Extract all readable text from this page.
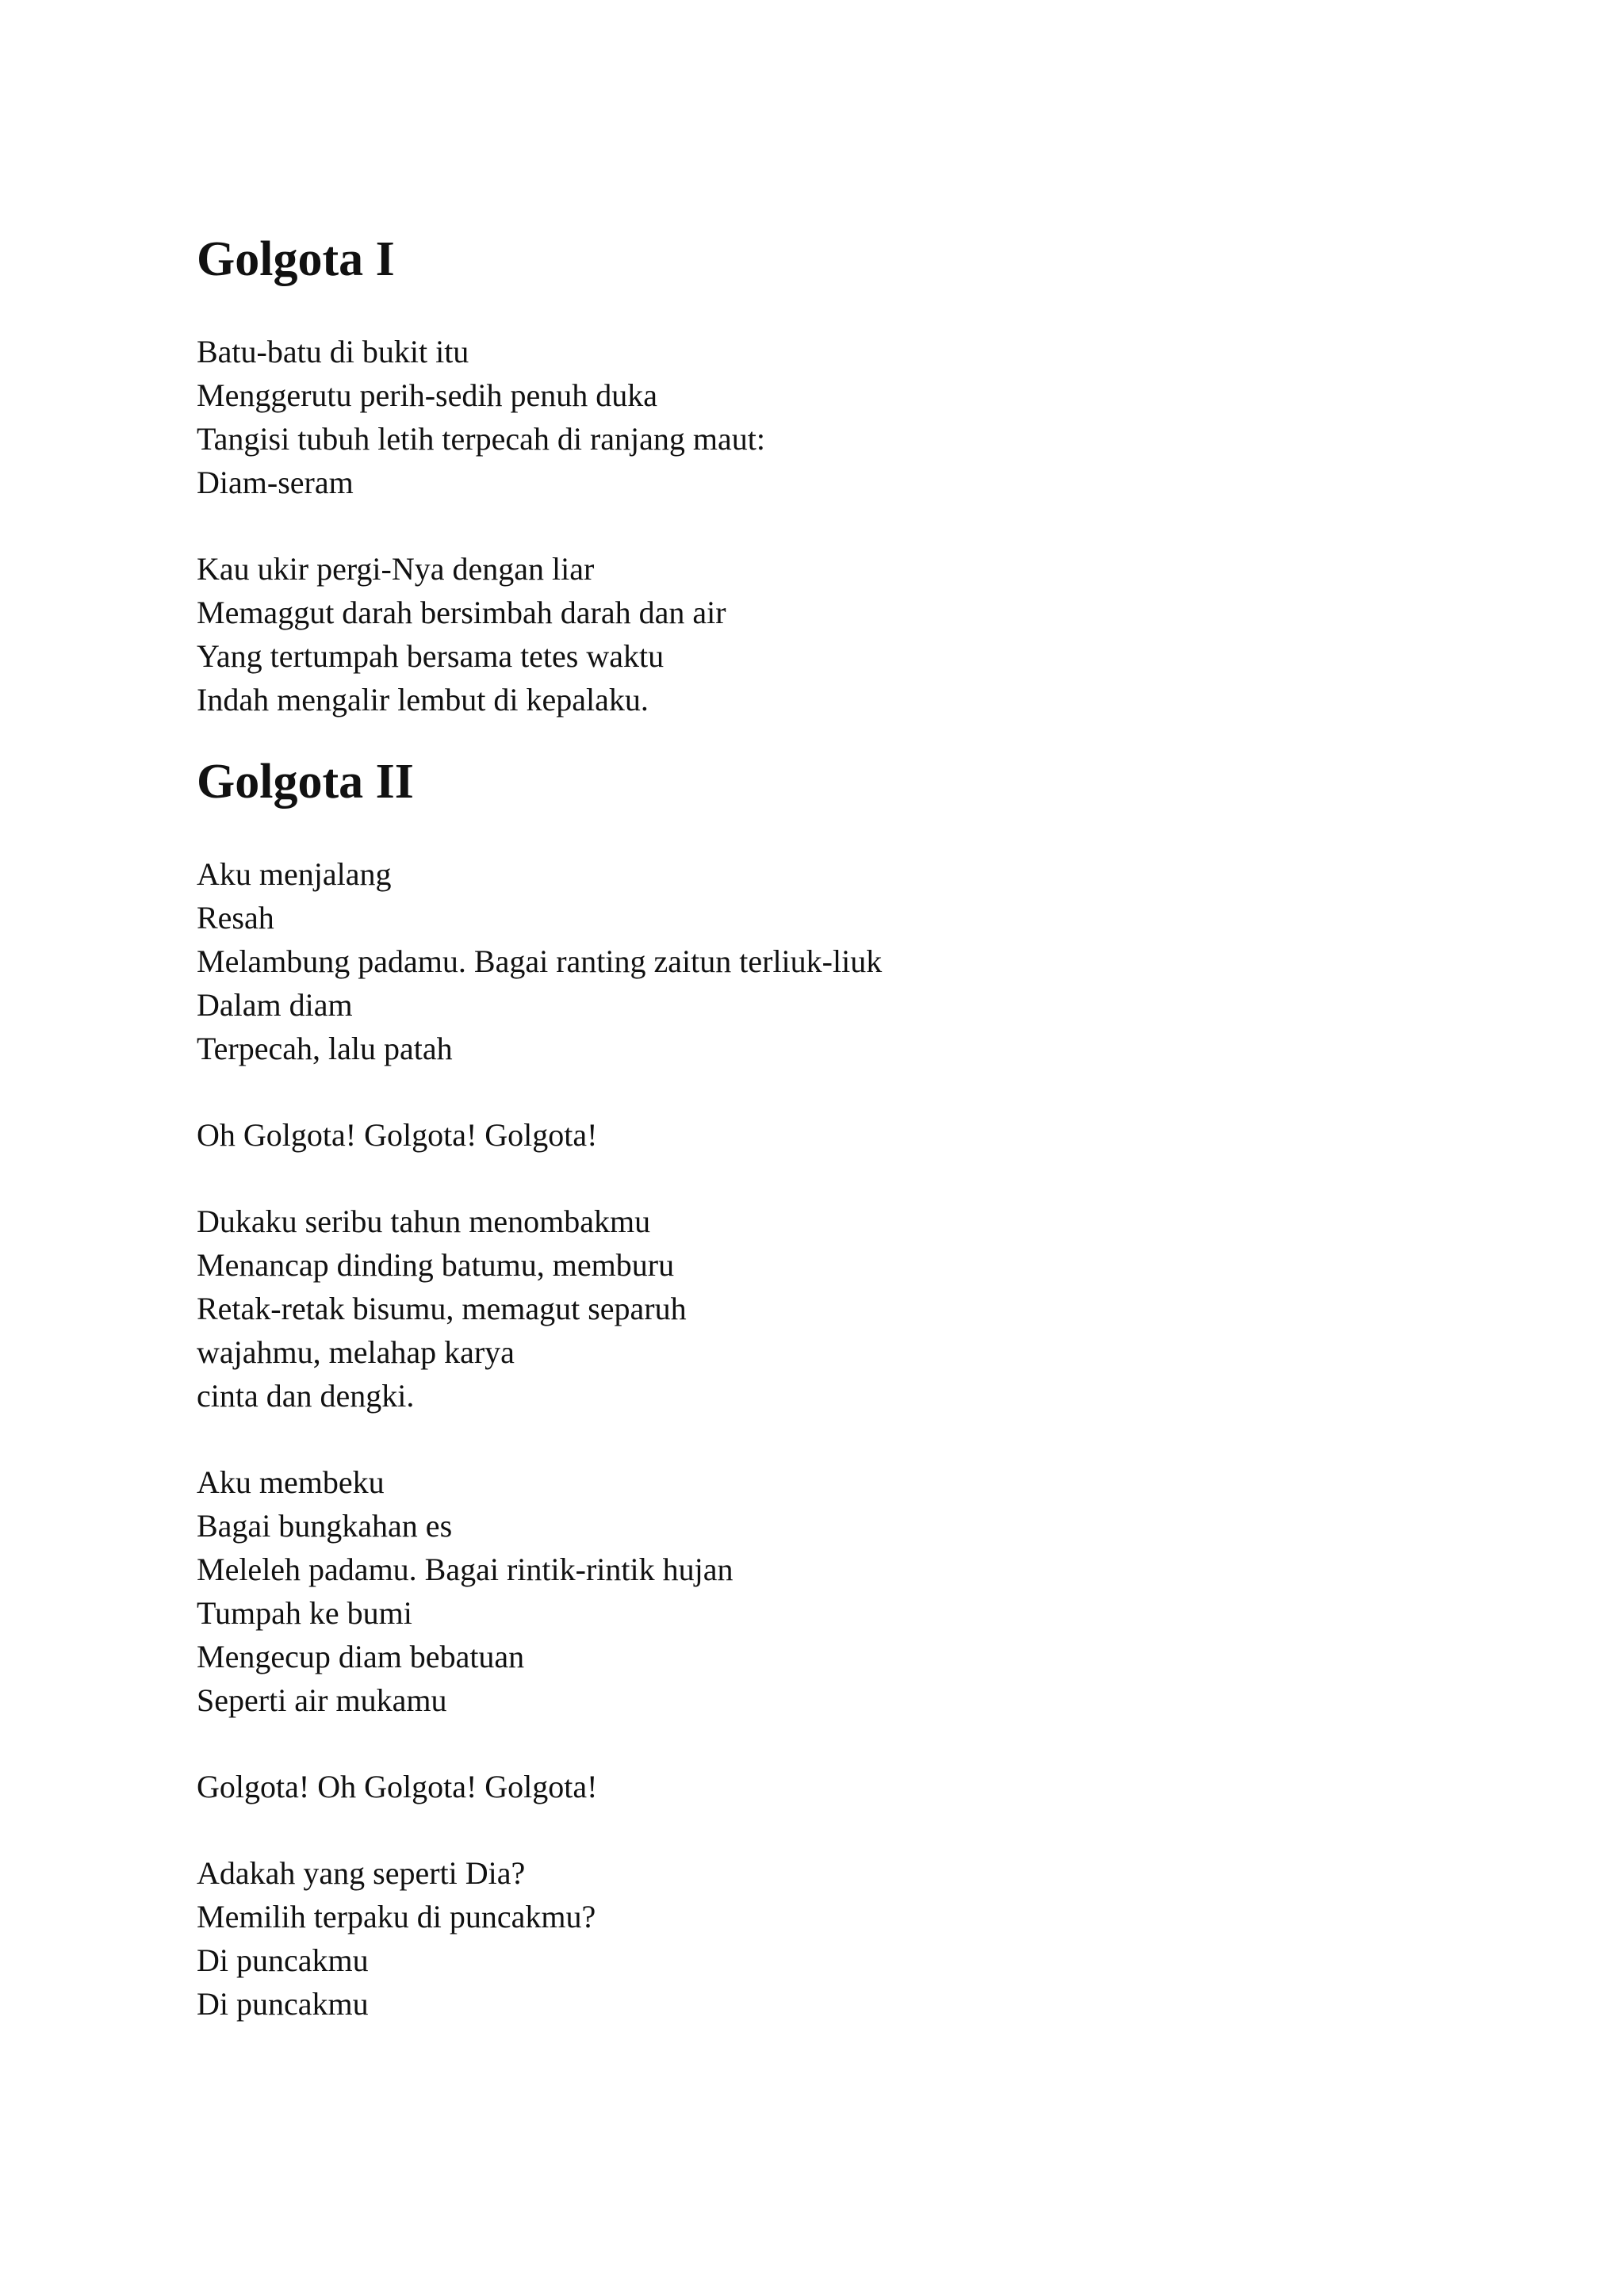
Golgota I
Batu-batu di bukit itu
Menggerutu perih-sedih penuh duka
Tangisi tubuh letih terpecah di ranjang maut:
Diam-seram
Kau ukir pergi-Nya dengan liar
Memaggut darah bersimbah darah dan air
Yang tertumpah bersama tetes waktu
Indah mengalir lembut di kepalaku.
Golgota II
Aku menjalang
Resah
Melambung padamu. Bagai ranting zaitun terliuk-liuk
Dalam diam
Terpecah, lalu patah
Oh Golgota! Golgota! Golgota!
Dukaku seribu tahun menombakmu
Menancap dinding batumu, memburu
Retak-retak bisumu, memagut separuh
wajahmu, melahap karya
cinta dan dengki.
Aku membeku
Bagai bungkahan es
Meleleh padamu. Bagai rintik-rintik hujan
Tumpah ke bumi
Mengecup diam bebatuan
Seperti air mukamu
Golgota! Oh Golgota! Golgota!
Adakah yang seperti Dia?
Memilih terpaku di puncakmu?
Di puncakmu
Di puncakmu
